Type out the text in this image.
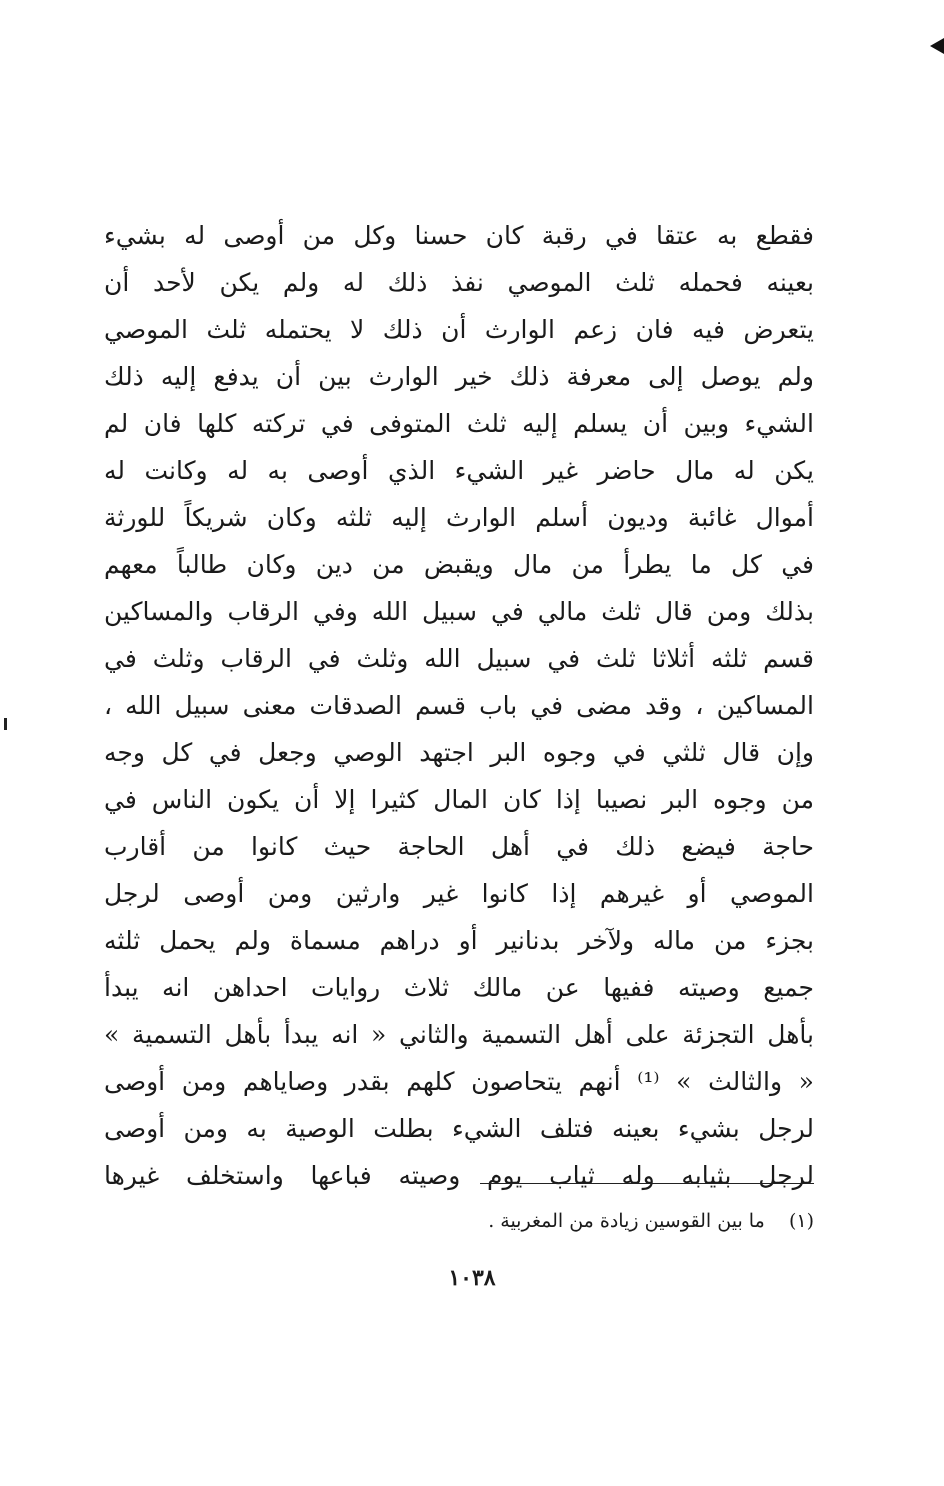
فقطع به عتقا في رقبة كان حسنا وكل من أوصى له بشيء
بعينه فحمله ثلث الموصي نفذ ذلك له ولم يكن لأحد أن
يتعرض فيه فان زعم الوارث أن ذلك لا يحتمله ثلث الموصي
ولم يوصل إلى معرفة ذلك خير الوارث بين أن يدفع إليه ذلك
الشيء وبين أن يسلم إليه ثلث المتوفى في تركته كلها فان لم
يكن له مال حاضر غير الشيء الذي أوصى به له وكانت له
أموال غائبة وديون أسلم الوارث إليه ثلثه وكان شريكاً للورثة
في كل ما يطرأ من مال ويقبض من دين وكان طالباً معهم
بذلك ومن قال ثلث مالي في سبيل الله وفي الرقاب والمساكين
قسم ثلثه أثلاثا ثلث في سبيل الله وثلث في الرقاب وثلث في
المساكين ، وقد مضى في باب قسم الصدقات معنى سبيل الله ،
وإن قال ثلثي في وجوه البر اجتهد الوصي وجعل في كل وجه
من وجوه البر نصيبا إذا كان المال كثيرا إلا أن يكون الناس في
حاجة فيضع ذلك في أهل الحاجة حيث كانوا من أقارب
الموصي أو غيرهم إذا كانوا غير وارثين ومن أوصى لرجل
بجزء من ماله ولآخر بدنانير أو دراهم مسماة ولم يحمل ثلثه
جميع وصيته ففيها عن مالك ثلاث روايات احداهن انه يبدأ
بأهل التجزئة على أهل التسمية والثاني « انه يبدأ بأهل التسمية »
« والثالث » ⁽¹⁾ أنهم يتحاصون كلهم بقدر وصاياهم ومن أوصى
لرجل بشيء بعينه فتلف الشيء بطلت الوصية به ومن أوصى
لرجل بثيابه وله ثياب يوم وصيته فباعها واستخلف غيرها
(١)    ما بين القوسين زيادة من المغربية .
١٠٣٨
